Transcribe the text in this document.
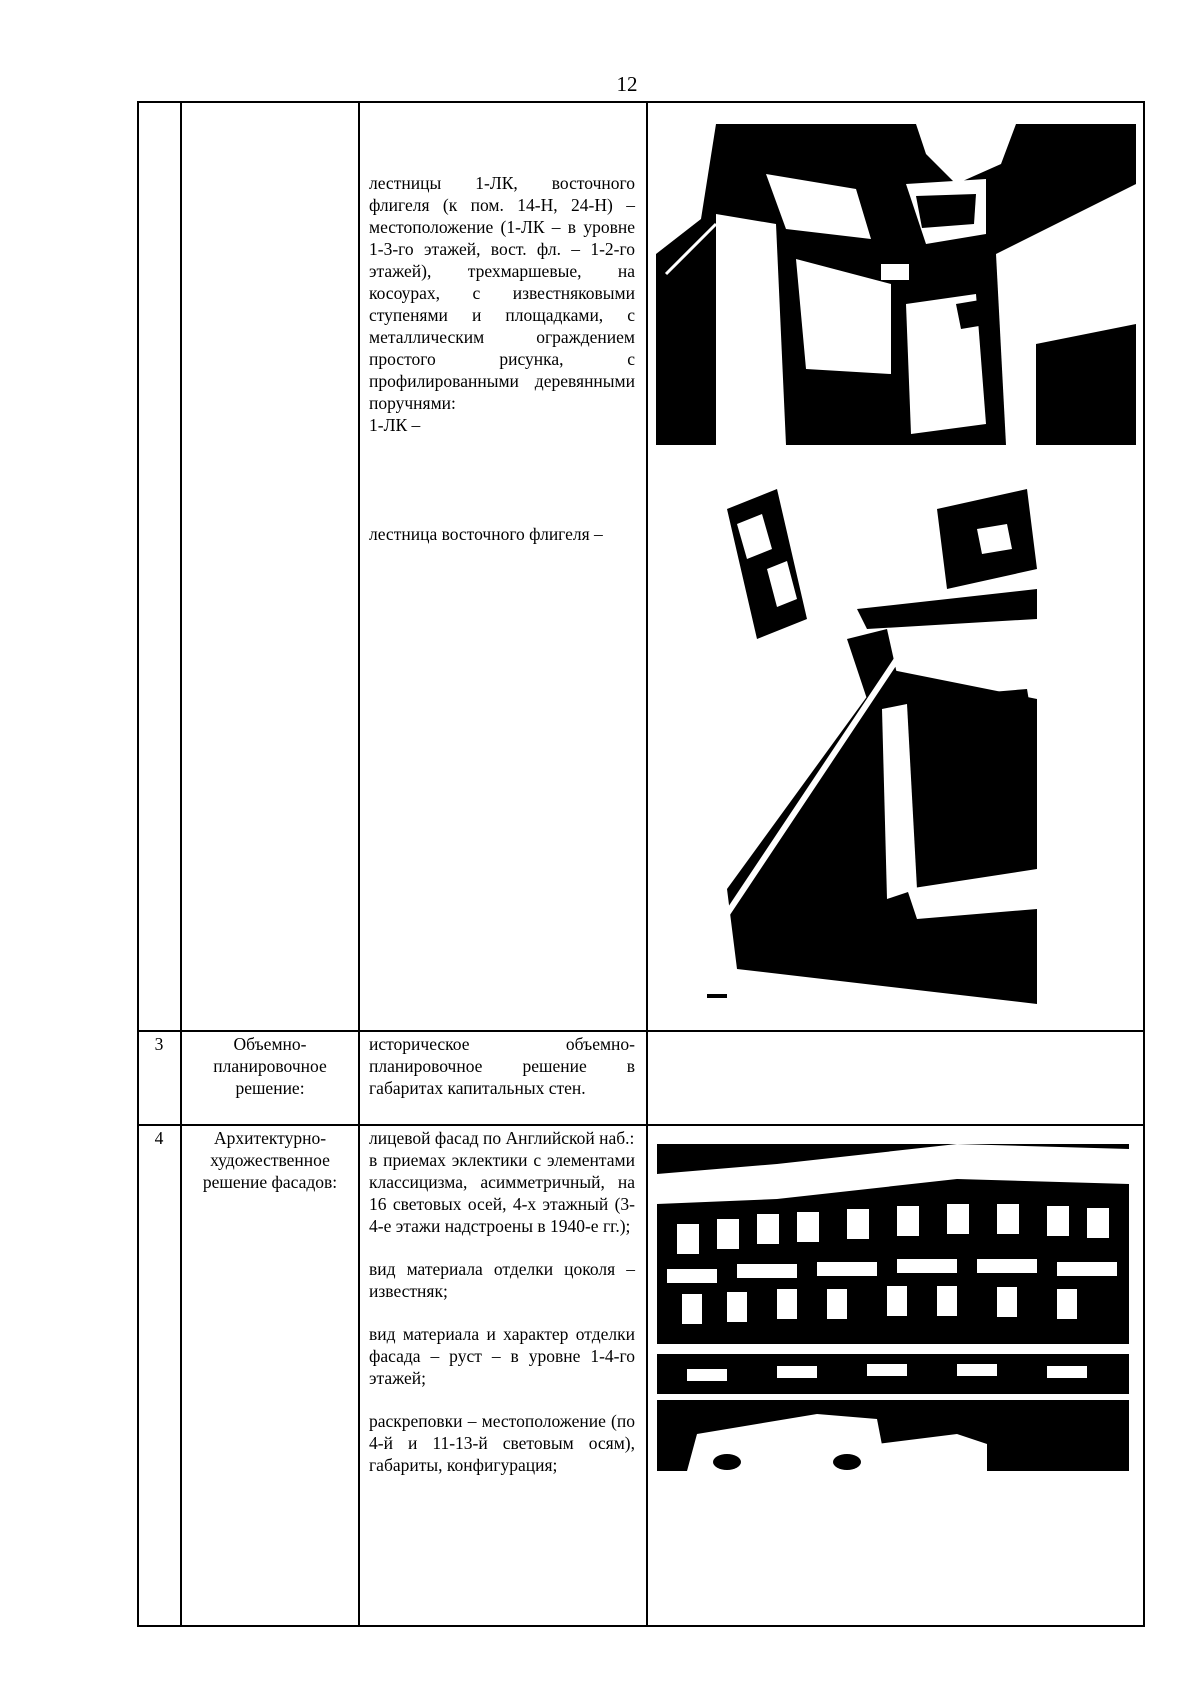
12

лестницы 1-ЛК, восточного флигеля (к пом. 14-Н, 24-Н) – местоположение (1-ЛК – в уровне 1-3-го этажей, вост. фл. – 1-2-го этажей), трехмаршевые, на косоурах, с известняковыми ступенями и площадками, с металлическим ограждением простого рисунка, с профилированными деревянными поручнями:

1-ЛК –

лестница восточного флигеля –

3	Объемно-планировочное решение:

историческое объемно-планировочное решение в габаритах капитальных стен.

4	Архитектурно-художественное решение фасадов:

лицевой фасад по Английской наб.:

в приемах эклектики с элементами классицизма, асимметричный, на 16 световых осей, 4-х этажный (3-4-е этажи надстроены в 1940-е гг.);

вид материала отделки цоколя – известняк;

вид материала и характер отделки фасада – руст – в уровне 1-4-го этажей;

раскреповки – местоположение (по 4-й и 11-13-й световым осям), габариты, конфигурация;
